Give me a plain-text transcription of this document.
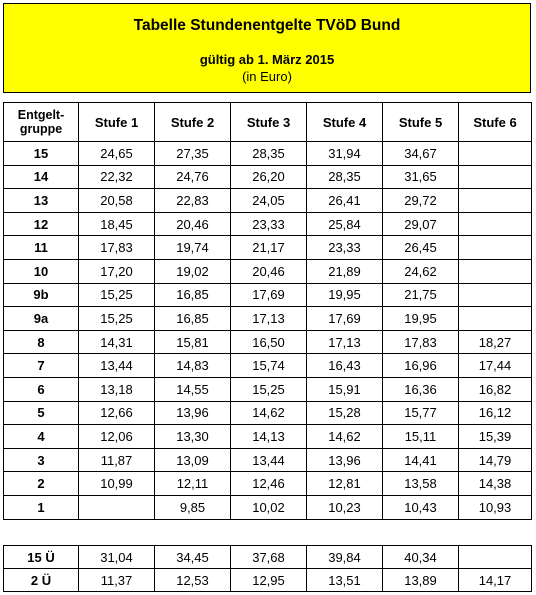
Tabelle Stundenentgelte TVöD Bund
gültig ab 1. März 2015
(in Euro)
Entgelt-
gruppe	Stufe 1	Stufe 2	Stufe 3	Stufe 4	Stufe 5	Stufe 6
15	24,65	27,35	28,35	31,94	34,67	
14	22,32	24,76	26,20	28,35	31,65	
13	20,58	22,83	24,05	26,41	29,72	
12	18,45	20,46	23,33	25,84	29,07	
11	17,83	19,74	21,17	23,33	26,45	
10	17,20	19,02	20,46	21,89	24,62	
9b	15,25	16,85	17,69	19,95	21,75	
9a	15,25	16,85	17,13	17,69	19,95	
8	14,31	15,81	16,50	17,13	17,83	18,27
7	13,44	14,83	15,74	16,43	16,96	17,44
6	13,18	14,55	15,25	15,91	16,36	16,82
5	12,66	13,96	14,62	15,28	15,77	16,12
4	12,06	13,30	14,13	14,62	15,11	15,39
3	11,87	13,09	13,44	13,96	14,41	14,79
2	10,99	12,11	12,46	12,81	13,58	14,38
1		9,85	10,02	10,23	10,43	10,93
15 Ü	31,04	34,45	37,68	39,84	40,34	
2 Ü	11,37	12,53	12,95	13,51	13,89	14,17
